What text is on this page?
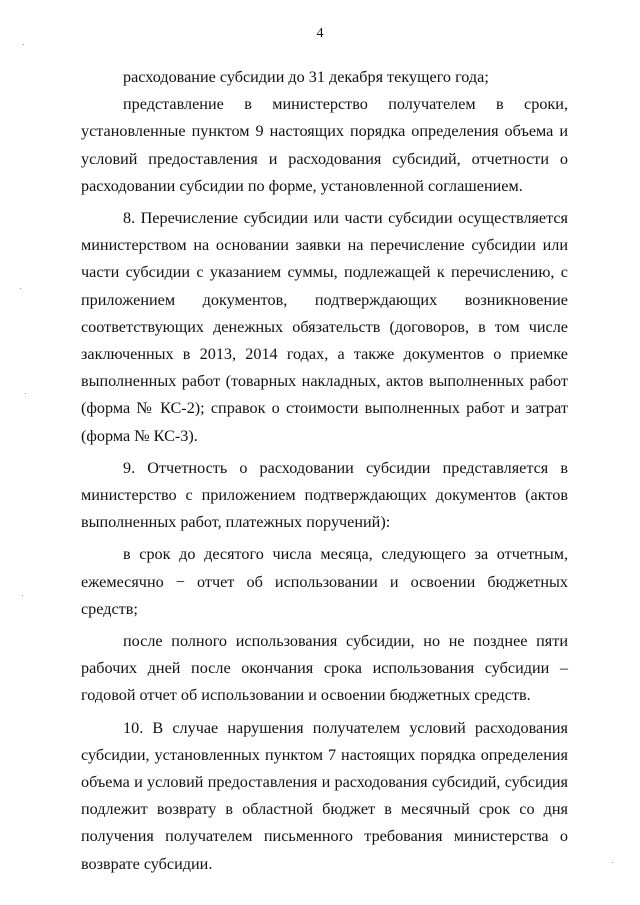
4

расходование субсидии до 31 декабря текущего года;

представление в министерство получателем в сроки, установленные пунктом 9 настоящих порядка определения объема и условий предоставления и расходования субсидий, отчетности о расходовании субсидии по форме, установленной соглашением.

8. Перечисление субсидии или части субсидии осуществляется министерством на основании заявки на перечисление субсидии или части субсидии с указанием суммы, подлежащей к перечислению, с приложением документов, подтверждающих возникновение соответствующих денежных обязательств (договоров, в том числе заключенных в 2013, 2014 годах, а также документов о приемке выполненных работ (товарных накладных, актов выполненных работ (форма № КС-2); справок о стоимости выполненных работ и затрат (форма № КС-3).

9. Отчетность о расходовании субсидии представляется в министерство с приложением подтверждающих документов (актов выполненных работ, платежных поручений):

в срок до десятого числа месяца, следующего за отчетным, ежемесячно − отчет об использовании и освоении бюджетных средств;

после полного использования субсидии, но не позднее пяти рабочих дней после окончания срока использования субсидии – годовой отчет об использовании и освоении бюджетных средств.

10. В случае нарушения получателем условий расходования субсидии, установленных пунктом 7 настоящих порядка определения объема и условий предоставления и расходования субсидий, субсидия подлежит возврату в областной бюджет в месячный срок со дня получения получателем письменного требования министерства о возврате субсидии.
